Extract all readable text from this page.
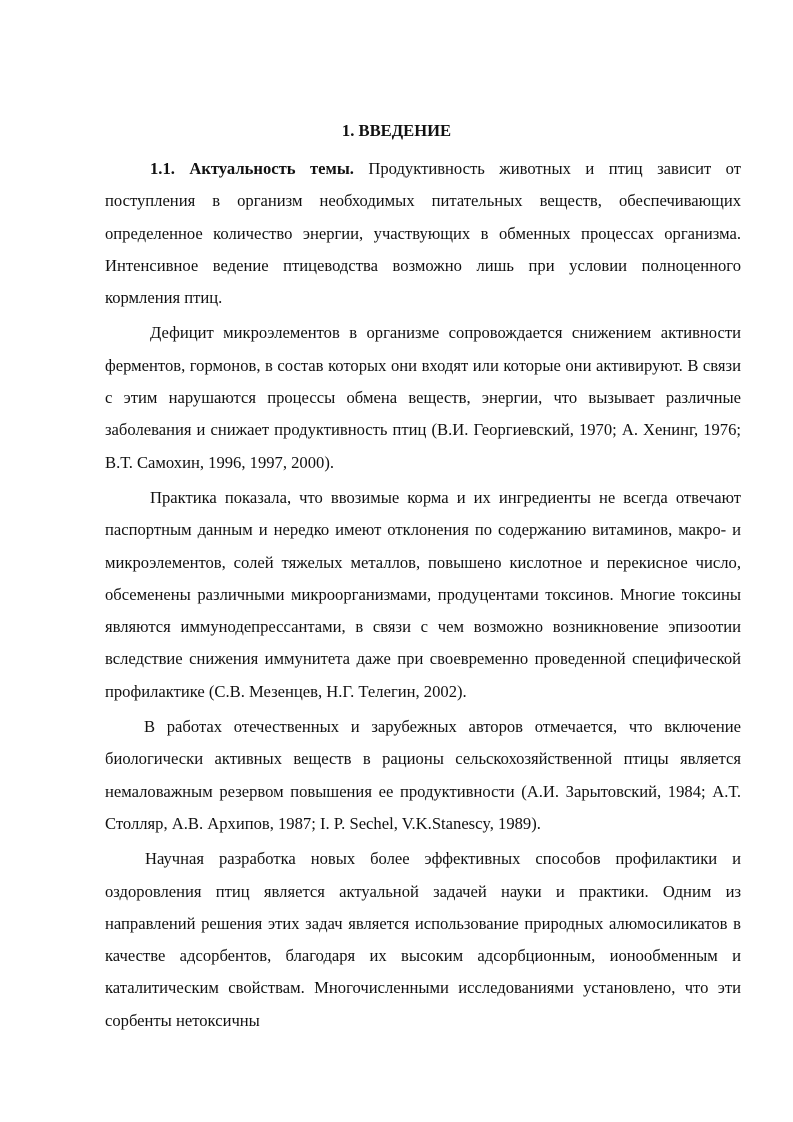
1. ВВЕДЕНИЕ

1.1. Актуальность темы. Продуктивность животных и птиц зависит от поступления в организм необходимых питательных веществ, обеспечивающих определенное количество энергии, участвующих в обменных процессах организма. Интенсивное ведение птицеводства возможно лишь при условии полноценного кормления птиц.

Дефицит микроэлементов в организме сопровождается снижением активности ферментов, гормонов, в состав которых они входят или которые они активируют. В связи с этим нарушаются процессы обмена веществ, энергии, что вызывает различные заболевания и снижает продуктивность птиц (В.И. Георгиевский, 1970; А. Хенинг, 1976; В.Т. Самохин, 1996, 1997, 2000).

Практика показала, что ввозимые корма и их ингредиенты не всегда отвечают паспортным данным и нередко имеют отклонения по содержанию витаминов, макро- и микроэлементов, солей тяжелых металлов, повышено кислотное и перекисное число, обсеменены различными микроорганизмами, продуцентами токсинов. Многие токсины являются иммунодепрессантами, в связи с чем возможно возникновение эпизоотии вследствие снижения иммунитета даже при своевременно проведенной специфической профилактике (С.В. Мезенцев, Н.Г. Телегин, 2002).

В работах отечественных и зарубежных авторов отмечается, что включение биологически активных веществ в рационы сельскохозяйственной птицы является немаловажным резервом повышения ее продуктивности (А.И. Зарытовский, 1984; А.Т. Столляр, А.В. Архипов, 1987; I. P. Sechel, V.K.Stanescy, 1989).

Научная разработка новых более эффективных способов профилактики и оздоровления птиц является актуальной задачей науки и практики. Одним из направлений решения этих задач является использование природных алюмосиликатов в качестве адсорбентов, благодаря их высоким адсорбционным, ионообменным и каталитическим свойствам. Многочисленными исследованиями установлено, что эти сорбенты нетоксичны
